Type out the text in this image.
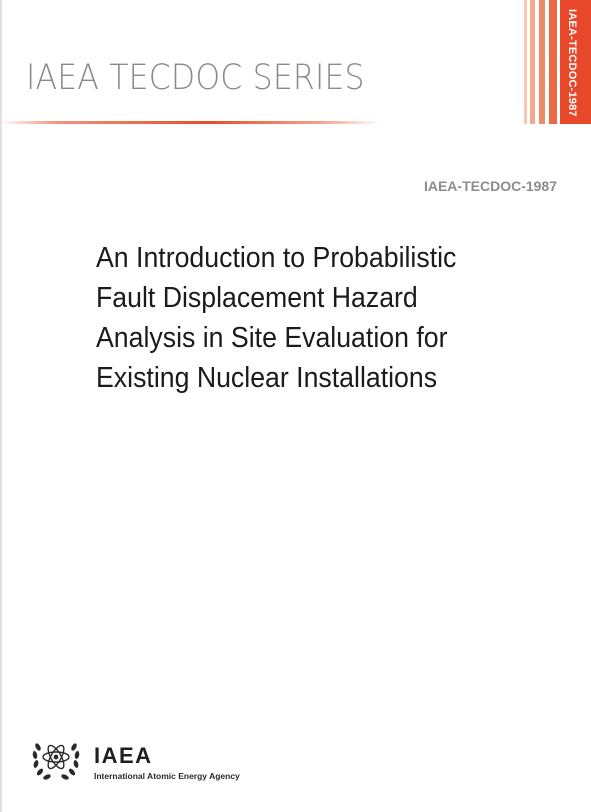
IAEA TECDOC SERIES	IAEA-TECDOC-1987

IAEA-TECDOC-1987

An Introduction to Probabilistic
Fault Displacement Hazard
Analysis in Site Evaluation for
Existing Nuclear Installations

IAEA

International Atomic Energy Agency
